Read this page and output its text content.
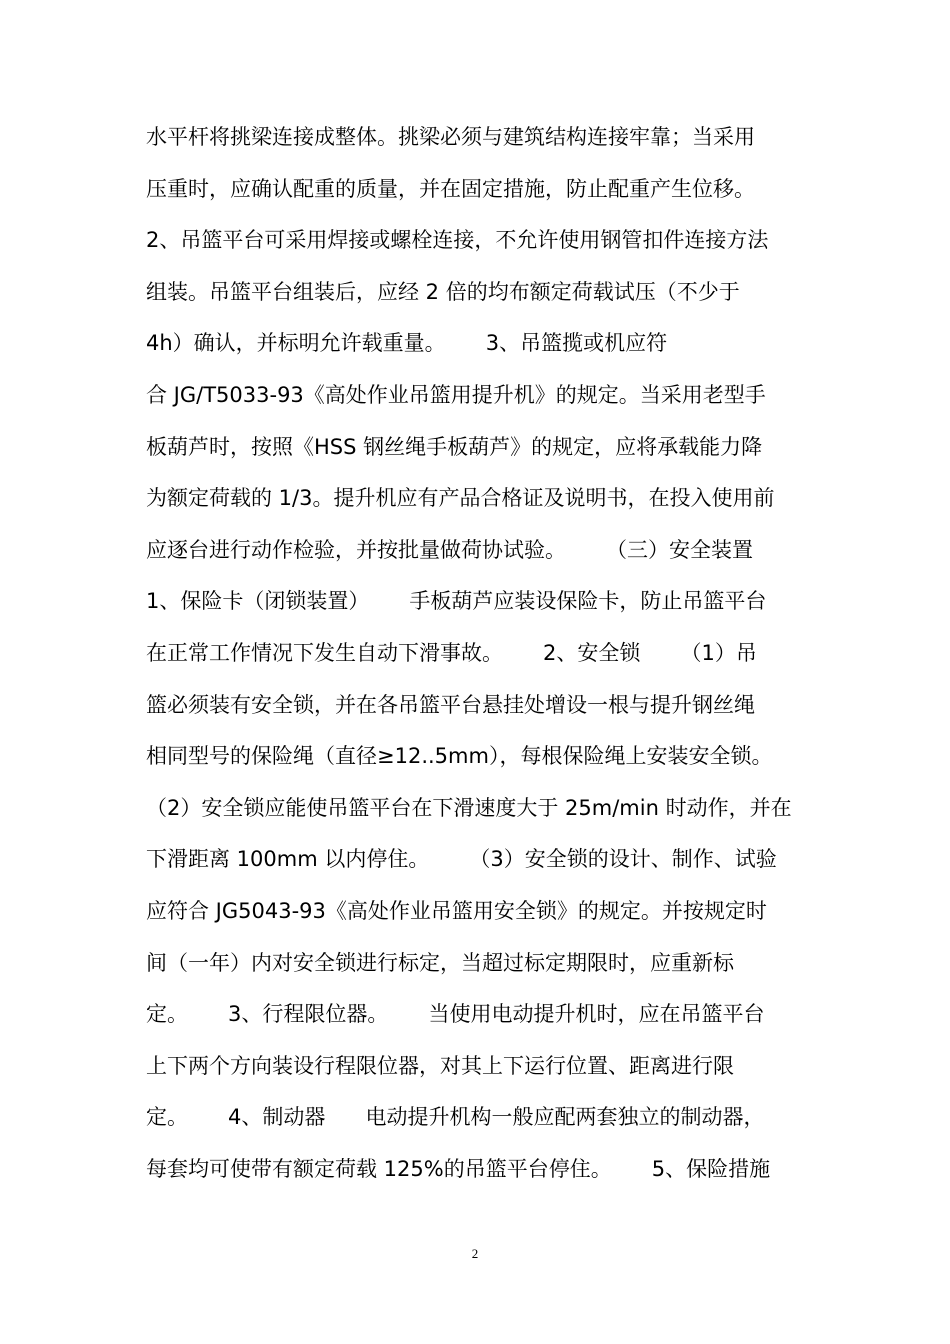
水平杆将挑梁连接成整体。挑梁必须与建筑结构连接牢靠；当采用
压重时，应确认配重的质量，并在固定措施，防止配重产生位移。
2、吊篮平台可采用焊接或螺栓连接，不允许使用钢管扣件连接方法
组装。吊篮平台组装后，应经 2 倍的均布额定荷载试压（不少于
4h）确认，并标明允许载重量。      3、吊篮揽或机应符
合 JG/T5033-93《高处作业吊篮用提升机》的规定。当采用老型手
板葫芦时，按照《HSS 钢丝绳手板葫芦》的规定，应将承载能力降
为额定荷载的 1/3。提升机应有产品合格证及说明书，在投入使用前
应逐台进行动作检验，并按批量做荷协试验。      （三）安全装置
1、保险卡（闭锁装置）      手板葫芦应装设保险卡，防止吊篮平台
在正常工作情况下发生自动下滑事故。      2、安全锁      （1）吊
篮必须装有安全锁，并在各吊篮平台悬挂处增设一根与提升钢丝绳
相同型号的保险绳（直径≥12..5mm），每根保险绳上安装安全锁。
（2）安全锁应能使吊篮平台在下滑速度大于 25m/min 时动作，并在
下滑距离 100mm 以内停住。      （3）安全锁的设计、制作、试验
应符合 JG5043-93《高处作业吊篮用安全锁》的规定。并按规定时
间（一年）内对安全锁进行标定，当超过标定期限时，应重新标
定。      3、行程限位器。      当使用电动提升机时，应在吊篮平台
上下两个方向装设行程限位器，对其上下运行位置、距离进行限
定。      4、制动器      电动提升机构一般应配两套独立的制动器，
每套均可使带有额定荷载 125%的吊篮平台停住。      5、保险措施
2
